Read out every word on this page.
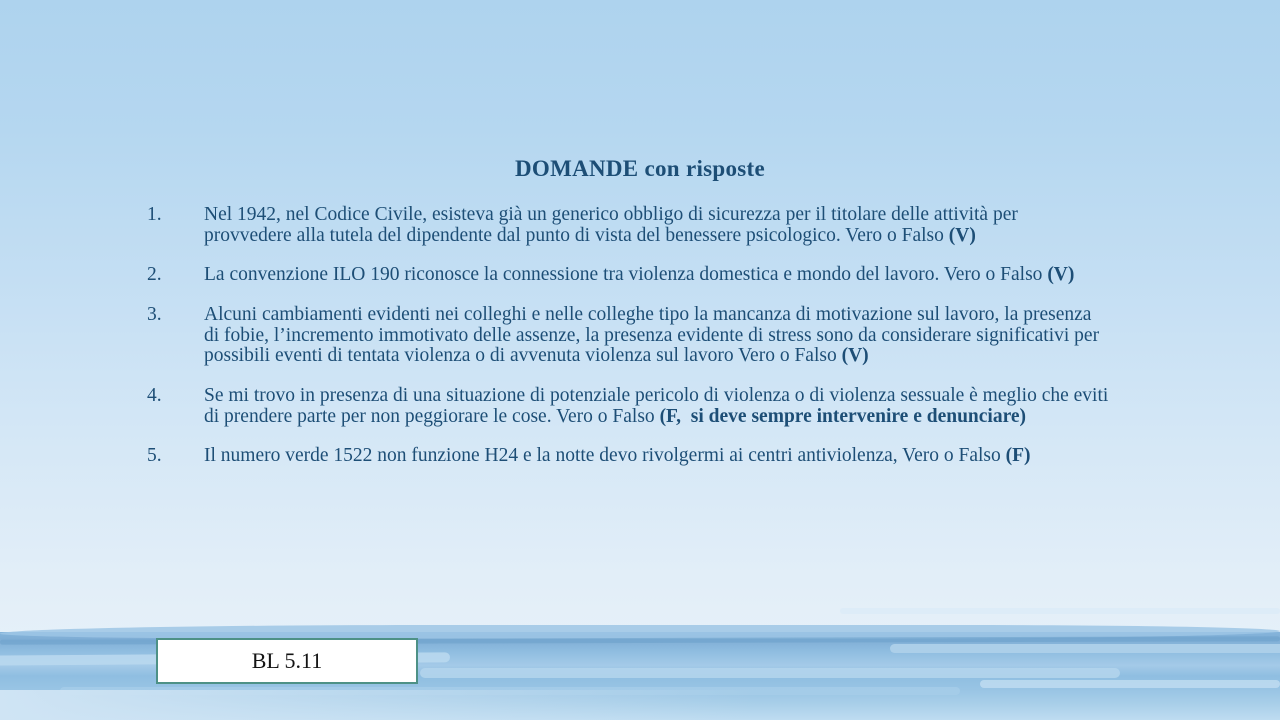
DOMANDE con risposte
1.	Nel 1942, nel Codice Civile, esisteva già un generico obbligo di sicurezza per il titolare delle attività per provvedere alla tutela del dipendente dal punto di vista del benessere psicologico. Vero o Falso (V)
2.	La convenzione ILO 190 riconosce la connessione tra violenza domestica e mondo del lavoro. Vero o Falso (V)
3.	Alcuni cambiamenti evidenti nei colleghi e nelle colleghe tipo la mancanza di motivazione sul lavoro, la presenza di fobie, l’incremento immotivato delle assenze, la presenza evidente di stress sono da considerare significativi per possibili eventi di tentata violenza o di avvenuta violenza sul lavoro Vero o Falso (V)
4.	Se mi trovo in presenza di una situazione di potenziale pericolo di violenza o di violenza sessuale è meglio che eviti di prendere parte per non peggiorare le cose. Vero o Falso (F,  si deve sempre intervenire e denunciare)
5.	Il numero verde 1522 non funzione H24 e la notte devo rivolgermi ai centri antiviolenza, Vero o Falso (F)
BL 5.11
